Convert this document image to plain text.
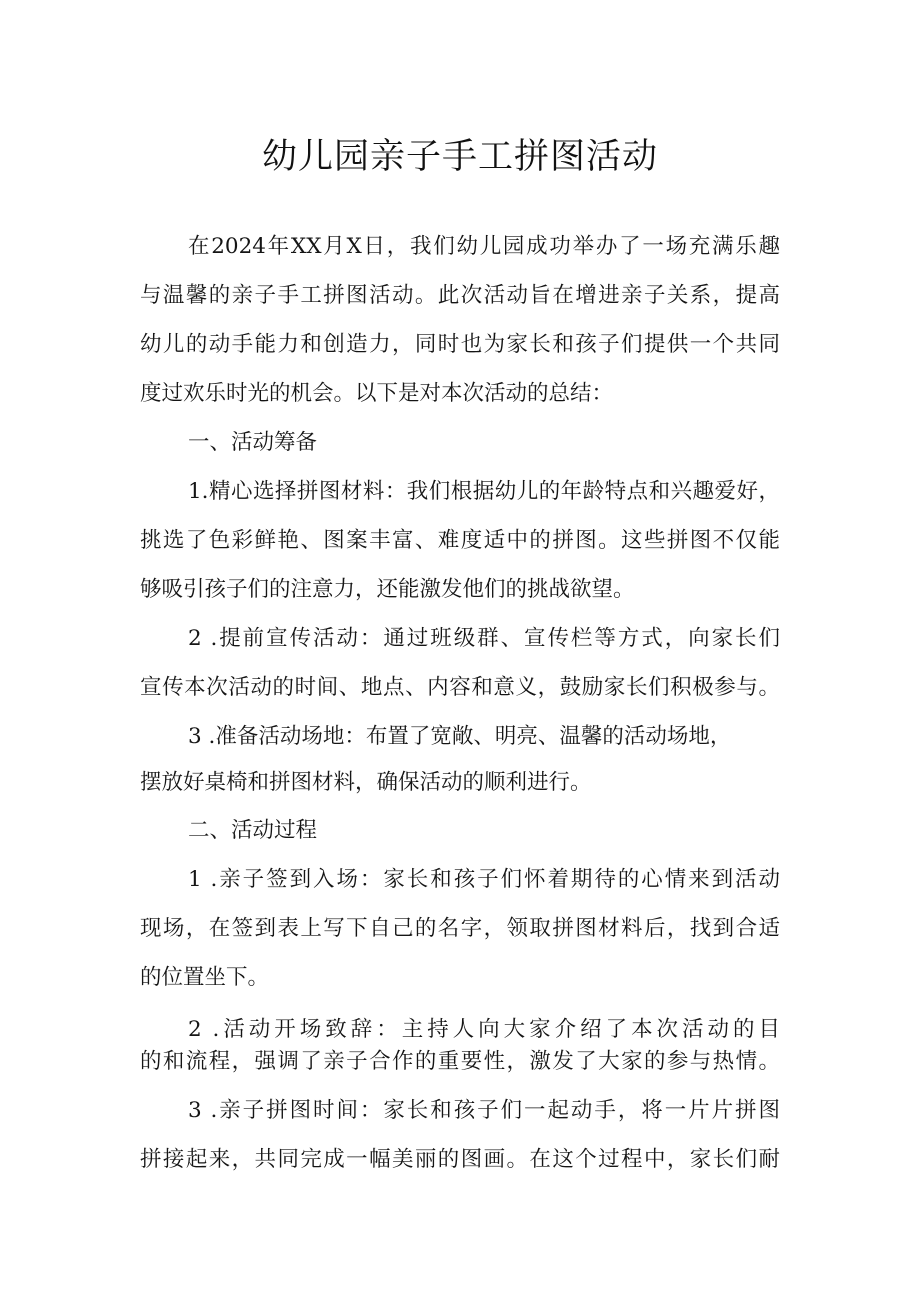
幼儿园亲子手工拼图活动

在2024年XX月X日，我们幼儿园成功举办了一场充满乐趣

与温馨的亲子手工拼图活动。此次活动旨在增进亲子关系，提高

幼儿的动手能力和创造力，同时也为家长和孩子们提供一个共同

度过欢乐时光的机会。以下是对本次活动的总结：

一、活动筹备

1.精心选择拼图材料：我们根据幼儿的年龄特点和兴趣爱好，

挑选了色彩鲜艳、图案丰富、难度适中的拼图。这些拼图不仅能

够吸引孩子们的注意力，还能激发他们的挑战欲望。

2 .提前宣传活动：通过班级群、宣传栏等方式，向家长们

宣传本次活动的时间、地点、内容和意义，鼓励家长们积极参与。

3 .准备活动场地：布置了宽敞、明亮、温馨的活动场地，

摆放好桌椅和拼图材料，确保活动的顺利进行。

二、活动过程

1 .亲子签到入场：家长和孩子们怀着期待的心情来到活动

现场，在签到表上写下自己的名字，领取拼图材料后，找到合适

的位置坐下。

2 .活动开场致辞：主持人向大家介绍了本次活动的目

的和流程，强调了亲子合作的重要性，激发了大家的参与热情。

3 .亲子拼图时间：家长和孩子们一起动手，将一片片拼图

拼接起来，共同完成一幅美丽的图画。在这个过程中，家长们耐
